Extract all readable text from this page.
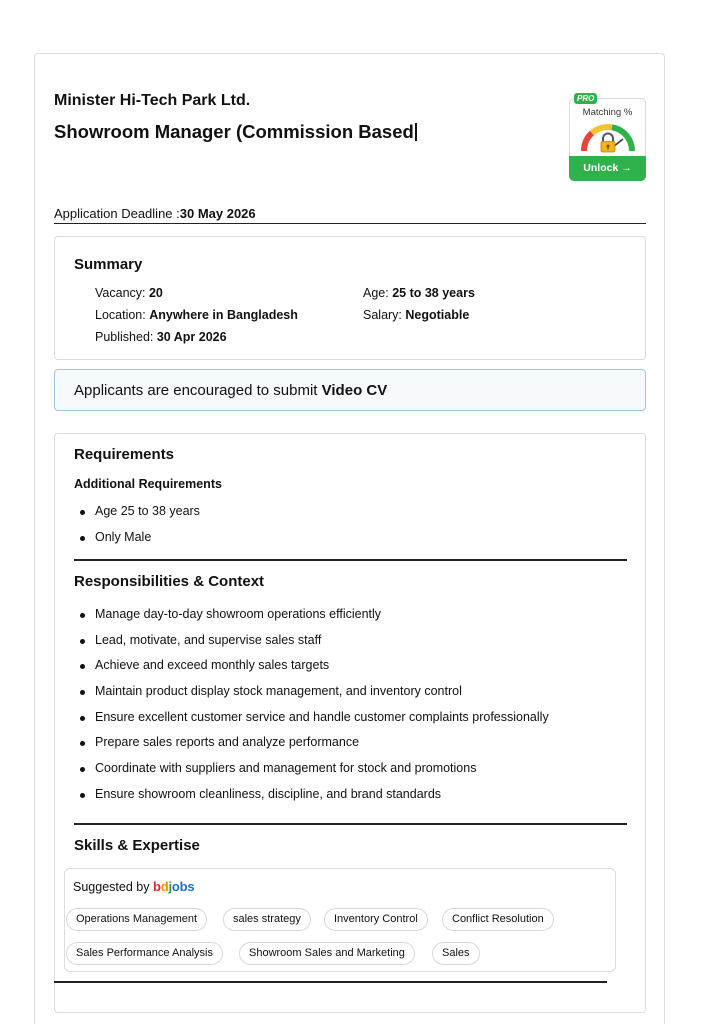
Minister Hi-Tech Park Ltd.
Showroom Manager (Commission Based
PRO
Matching %
Unlock →
Application Deadline :30 May 2026
Summary
Vacancy: 20	Age: 25 to 38 years
Location: Anywhere in Bangladesh	Salary: Negotiable
Published: 30 Apr 2026
Applicants are encouraged to submit Video CV
Requirements
Additional Requirements
Age 25 to 38 years
Only Male
Responsibilities & Context
Manage day-to-day showroom operations efficiently
Lead, motivate, and supervise sales staff
Achieve and exceed monthly sales targets
Maintain product display stock management, and inventory control
Ensure excellent customer service and handle customer complaints professionally
Prepare sales reports and analyze performance
Coordinate with suppliers and management for stock and promotions
Ensure showroom cleanliness, discipline, and brand standards
Skills & Expertise
Suggested by bdjobs
Operations Management	sales strategy	Inventory Control	Conflict Resolution
Sales Performance Analysis	Showroom Sales and Marketing	Sales
